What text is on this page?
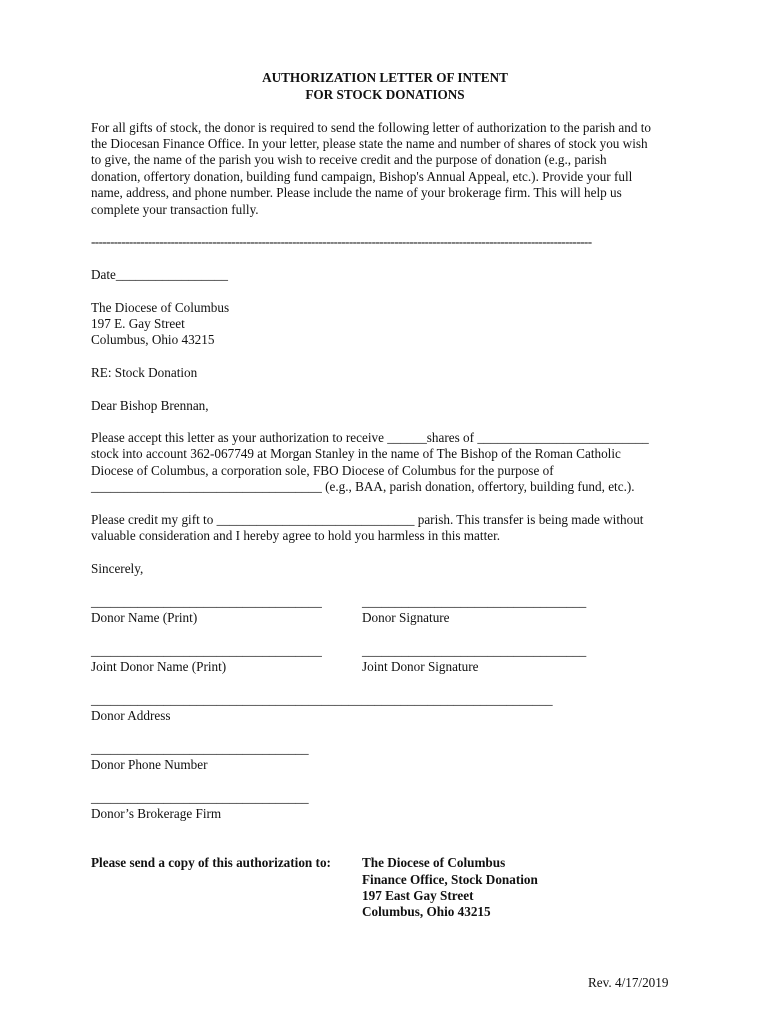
AUTHORIZATION LETTER OF INTENT
FOR STOCK DONATIONS
For all gifts of stock, the donor is required to send the following letter of authorization to the parish and to
the Diocesan Finance Office. In your letter, please state the name and number of shares of stock you wish
to give, the name of the parish you wish to receive credit and the purpose of donation (e.g., parish
donation, offertory donation, building fund campaign, Bishop's Annual Appeal, etc.). Provide your full
name, address, and phone number. Please include the name of your brokerage firm. This will help us
complete your transaction fully.
------------------------------------------------------------------------------------------------------------------------------------
Date_________________
The Diocese of Columbus
197 E. Gay Street
Columbus, Ohio 43215
RE: Stock Donation
Dear Bishop Brennan,
Please accept this letter as your authorization to receive ______shares of __________________________
stock into account 362-067749 at Morgan Stanley in the name of The Bishop of the Roman Catholic
Diocese of Columbus, a corporation sole, FBO Diocese of Columbus for the purpose of
___________________________________ (e.g., BAA, parish donation, offertory, building fund, etc.).
Please credit my gift to ______________________________ parish. This transfer is being made without
valuable consideration and I hereby agree to hold you harmless in this matter.
Sincerely,
___________________________________	__________________________________
Donor Name (Print)	Donor Signature
___________________________________	__________________________________
Joint Donor Name (Print)	Joint Donor Signature
______________________________________________________________________
Donor Address
_________________________________
Donor Phone Number
_________________________________
Donor’s Brokerage Firm
Please send a copy of this authorization to: The Diocese of Columbus
Finance Office, Stock Donation
197 East Gay Street
Columbus, Ohio 43215
Rev. 4/17/2019
